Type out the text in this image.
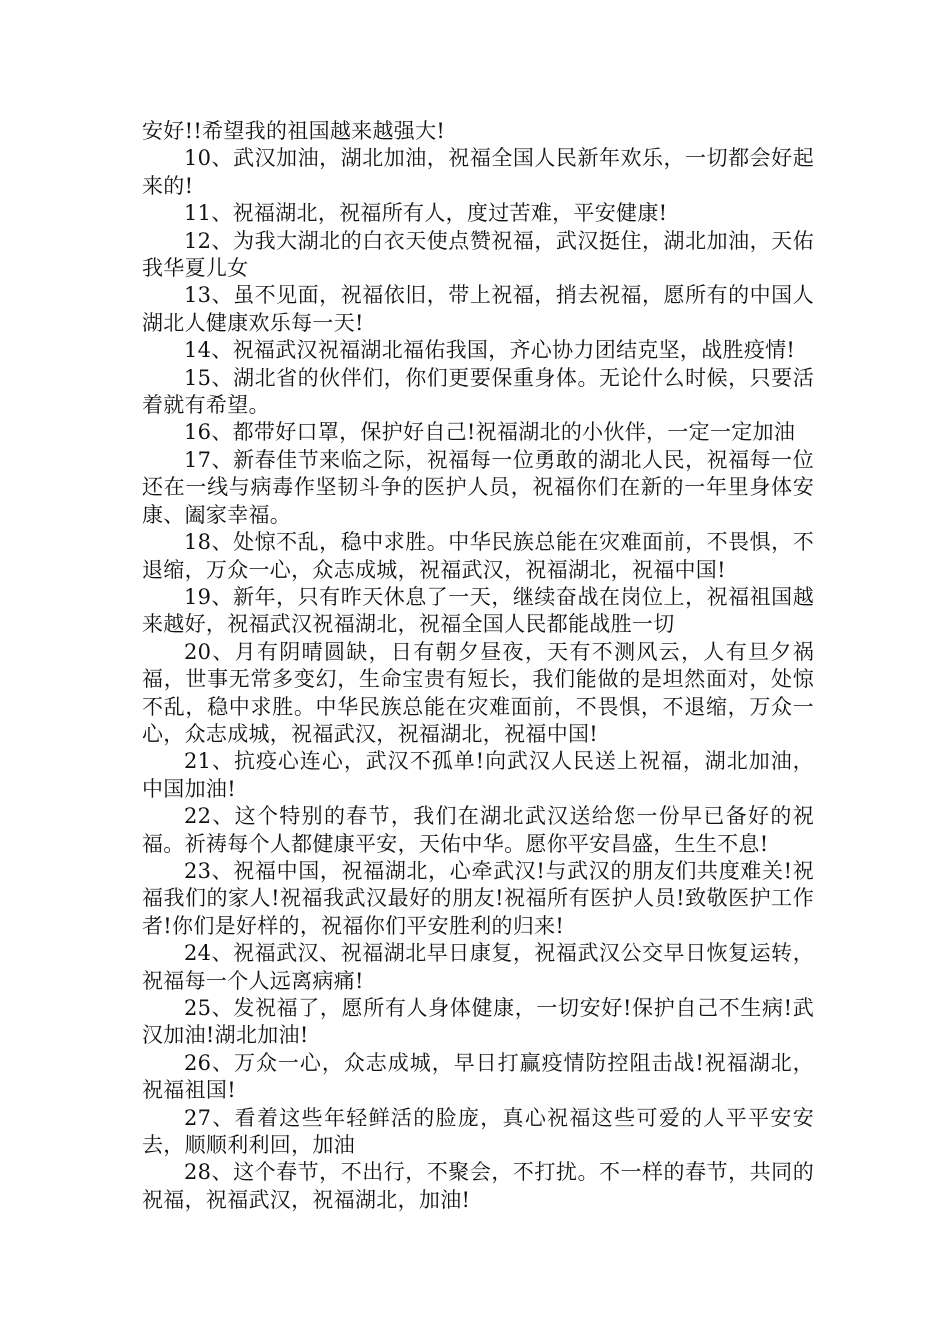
安好!!希望我的祖国越来越强大!

10、武汉加油，湖北加油，祝福全国人民新年欢乐，一切都会好起来的!

11、祝福湖北，祝福所有人，度过苦难，平安健康!

12、为我大湖北的白衣天使点赞祝福，武汉挺住，湖北加油，天佑我华夏儿女

13、虽不见面，祝福依旧，带上祝福，捎去祝福，愿所有的中国人湖北人健康欢乐每一天!

14、祝福武汉祝福湖北福佑我国，齐心协力团结克坚，战胜疫情!

15、湖北省的伙伴们，你们更要保重身体。无论什么时候，只要活着就有希望。

16、都带好口罩，保护好自己!祝福湖北的小伙伴，一定一定加油

17、新春佳节来临之际，祝福每一位勇敢的湖北人民，祝福每一位还在一线与病毒作坚韧斗争的医护人员，祝福你们在新的一年里身体安康、阖家幸福。

18、处惊不乱，稳中求胜。中华民族总能在灾难面前，不畏惧，不退缩，万众一心，众志成城，祝福武汉，祝福湖北，祝福中国!

19、新年，只有昨天休息了一天，继续奋战在岗位上，祝福祖国越来越好，祝福武汉祝福湖北，祝福全国人民都能战胜一切

20、月有阴晴圆缺，日有朝夕昼夜，天有不测风云，人有旦夕祸福，世事无常多变幻，生命宝贵有短长，我们能做的是坦然面对，处惊不乱，稳中求胜。中华民族总能在灾难面前，不畏惧，不退缩，万众一心，众志成城，祝福武汉，祝福湖北，祝福中国!

21、抗疫心连心，武汉不孤单!向武汉人民送上祝福，湖北加油，中国加油!

22、这个特别的春节，我们在湖北武汉送给您一份早已备好的祝福。祈祷每个人都健康平安，天佑中华。愿你平安昌盛，生生不息!

23、祝福中国，祝福湖北，心牵武汉!与武汉的朋友们共度难关!祝福我们的家人!祝福我武汉最好的朋友!祝福所有医护人员!致敬医护工作者!你们是好样的，祝福你们平安胜利的归来!

24、祝福武汉、祝福湖北早日康复，祝福武汉公交早日恢复运转，祝福每一个人远离病痛!

25、发祝福了，愿所有人身体健康，一切安好!保护自己不生病!武汉加油!湖北加油!

26、万众一心，众志成城，早日打赢疫情防控阻击战!祝福湖北，祝福祖国!

27、看着这些年轻鲜活的脸庞，真心祝福这些可爱的人平平安安去，顺顺利利回，加油

28、这个春节，不出行，不聚会，不打扰。不一样的春节，共同的祝福，祝福武汉，祝福湖北，加油!
